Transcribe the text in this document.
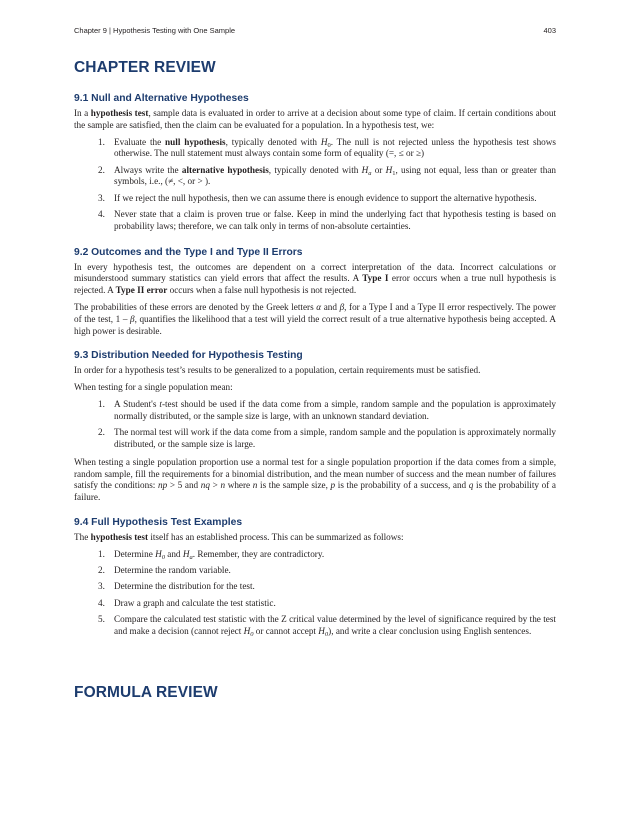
Chapter 9 | Hypothesis Testing with One Sample	403
CHAPTER REVIEW
9.1 Null and Alternative Hypotheses

In a hypothesis test, sample data is evaluated in order to arrive at a decision about some type of claim. If certain conditions about the sample are satisfied, then the claim can be evaluated for a population. In a hypothesis test, we:

1. Evaluate the null hypothesis, typically denoted with $H_0$. The null is not rejected unless the hypothesis test shows otherwise. The null statement must always contain some form of equality (=, ≤ or ≥)
2. Always write the alternative hypothesis, typically denoted with $H_a$ or $H_1$, using not equal, less than or greater than symbols, i.e., (≠, <, or > ).
3. If we reject the null hypothesis, then we can assume there is enough evidence to support the alternative hypothesis.
4. Never state that a claim is proven true or false. Keep in mind the underlying fact that hypothesis testing is based on probability laws; therefore, we can talk only in terms of non-absolute certainties.
9.2 Outcomes and the Type I and Type II Errors

In every hypothesis test, the outcomes are dependent on a correct interpretation of the data. Incorrect calculations or misunderstood summary statistics can yield errors that affect the results. A Type I error occurs when a true null hypothesis is rejected. A Type II error occurs when a false null hypothesis is not rejected.

The probabilities of these errors are denoted by the Greek letters α and β, for a Type I and a Type II error respectively. The power of the test, 1 – β, quantifies the likelihood that a test will yield the correct result of a true alternative hypothesis being accepted. A high power is desirable.

9.3 Distribution Needed for Hypothesis Testing

In order for a hypothesis test’s results to be generalized to a population, certain requirements must be satisfied.

When testing for a single population mean:

1. A Student's t-test should be used if the data come from a simple, random sample and the population is approximately normally distributed, or the sample size is large, with an unknown standard deviation.
2. The normal test will work if the data come from a simple, random sample and the population is approximately normally distributed, or the sample size is large.

When testing a single population proportion use a normal test for a single population proportion if the data comes from a simple, random sample, fill the requirements for a binomial distribution, and the mean number of success and the mean number of failures satisfy the conditions: np > 5 and nq > n where n is the sample size, p is the probability of a success, and q is the probability of a failure.

9.4 Full Hypothesis Test Examples

The hypothesis test itself has an established process. This can be summarized as follows:

1. Determine $H_0$ and $H_a$. Remember, they are contradictory.
2. Determine the random variable.
3. Determine the distribution for the test.
4. Draw a graph and calculate the test statistic.
5. Compare the calculated test statistic with the Z critical value determined by the level of significance required by the test and make a decision (cannot reject $H_0$ or cannot accept $H_0$), and write a clear conclusion using English sentences.
FORMULA REVIEW
